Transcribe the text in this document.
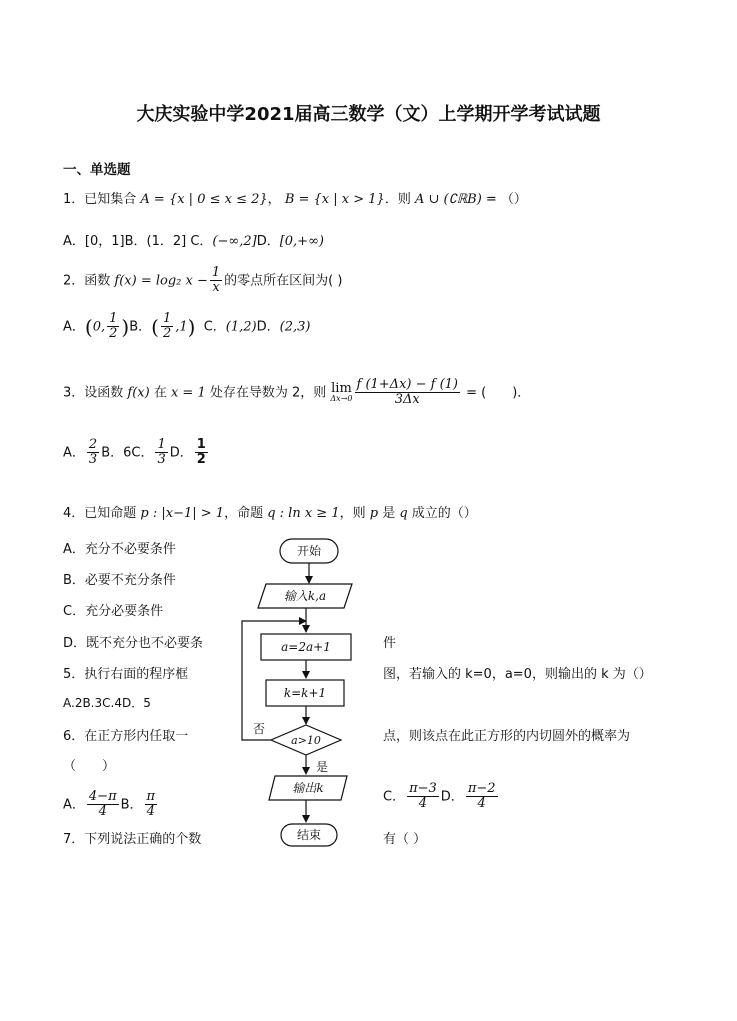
大庆实验中学2021届高三数学（文）上学期开学考试试题
一、单选题
1．已知集合 A = {x | 0 ≤ x ≤ 2}， B = {x | x > 1}．则 A ∪ (∁ℝB) = （）
A．[0，1]B．(1．2] C．(−∞,2]D．[0,+∞)
2．函数 f(x) = log₂ $x - \frac{1}{x}$ 的零点所在区间为( )
A．(0, $\frac{1}{2} )B$．( $\frac{1}{2} ,1$) C．(1,2)D．(2,3)
3．设函数 f(x) 在 x = 1 处存在导数为 2，则 lim
$\Delta x\to 0 \frac{f (1+\Delta x) - f (1)}{3\Delta x}$ = (　　)．
A． $\frac{2}{3}$ B．6C． $\frac{1}{3}$ D． $\frac{1}{2}$
4．已知命题 p : |x−1| > 1，命题 q : ln x ≥ 1，则 p 是 q 成立的（）
A．充分不必要条件
B．必要不充分条件
C．充分必要条件
D．既不充分也不必要条	件
5．执行右面的程序框	图，若输入的 k=0，a=0，则输出的 k 为（）
A.2B.3C.4D．5
6．在正方形内任取一	点，则该点在此正方形的内切圆外的概率为
（　　）
A． $\frac{4-\pi}{4}$ B． $\frac{\pi}{4}$	C． $\frac{\pi-3}{4}$ D． $\frac{\pi-2}{4}$
7．下列说法正确的个数	有（ ）
开始
输入k,a
a=2a+1
k=k+1
a>10
否
是
输出k
结束
